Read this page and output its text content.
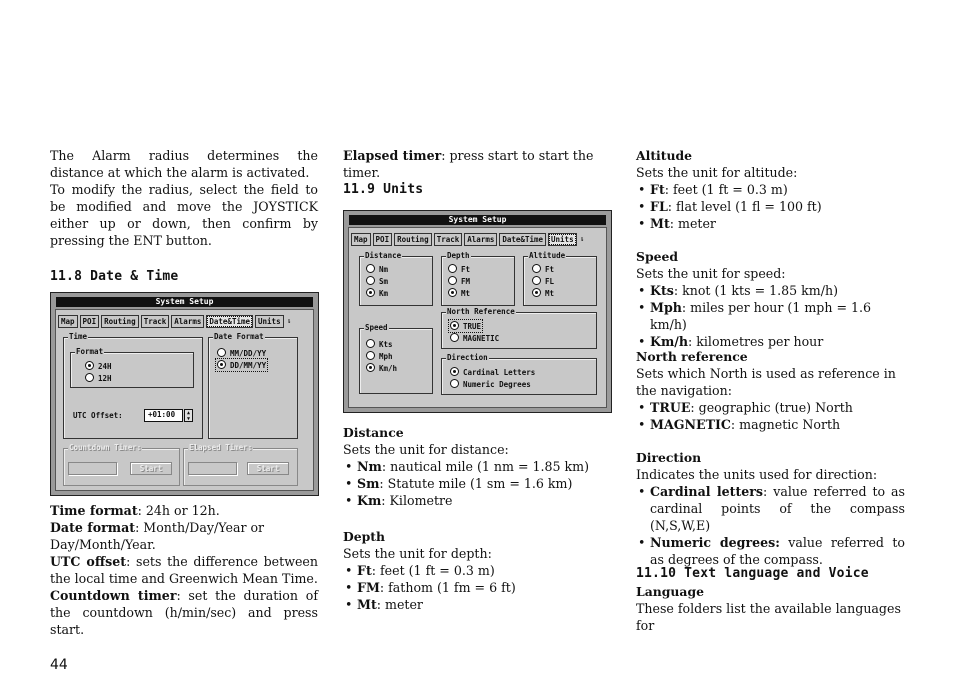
The Alarm radius determines the distance at which the alarm is activated.

To modify the radius, select the field to be modified and move the JOYSTICK either up or down, then confirm by pressing the ENT button.

11.8 Date & Time
System Setup
Map	POI	Routing	Track	Alarms	Date&Time	Units ⇂
Time
Format
24H
12H
UTC Offset:	+01:00	▲
▼
Date Format
MM/DD/YY
DD/MM/YY
Countdown Timer:
Start
Elapsed Timer:
Start

Time format: 24h or 12h.

Date format: Month/Day/Year or Day/Month/Year.

UTC offset: sets the difference between the local time and Greenwich Mean Time.

Countdown timer: set the duration of the countdown (h/min/sec) and press start.

Elapsed timer: press start to start the timer.

11.9 Units
System Setup
Map	POI	Routing	Track	Alarms	Date&Time	Units ⇂
Distance
Nm
Sm
Km
Depth
Ft
FM
Mt
Altitude
Ft
FL
Mt
Speed
Kts
Mph
Km/h
North Reference
TRUE
MAGNETIC
Direction
Cardinal Letters
Numeric Degrees

Distance

Sets the unit for distance:

• Nm: nautical mile (1 nm = 1.85 km)
• Sm: Statute mile (1 sm = 1.6 km)
• Km: Kilometre

Depth

Sets the unit for depth:

• Ft: feet (1 ft = 0.3 m)
• FM: fathom (1 fm = 6 ft)
• Mt: meter

Altitude

Sets the unit for altitude:

• Ft: feet (1 ft = 0.3 m)
• FL: flat level (1 fl = 100 ft)
• Mt: meter

Speed

Sets the unit for speed:

• Kts: knot (1 kts = 1.85 km/h)
• Mph: miles per hour (1 mph = 1.6 km/h)
• Km/h: kilometres per hour

North reference

Sets which North is used as reference in the navigation:

• TRUE: geographic (true) North
• MAGNETIC: magnetic North

Direction

Indicates the units used for direction:

• Cardinal letters: value referred to as cardinal points of the compass (N,S,W,E)
• Numeric degrees: value referred to as degrees of the compass.
11.10 Text language and Voice

Language

These folders list the available languages for

44
